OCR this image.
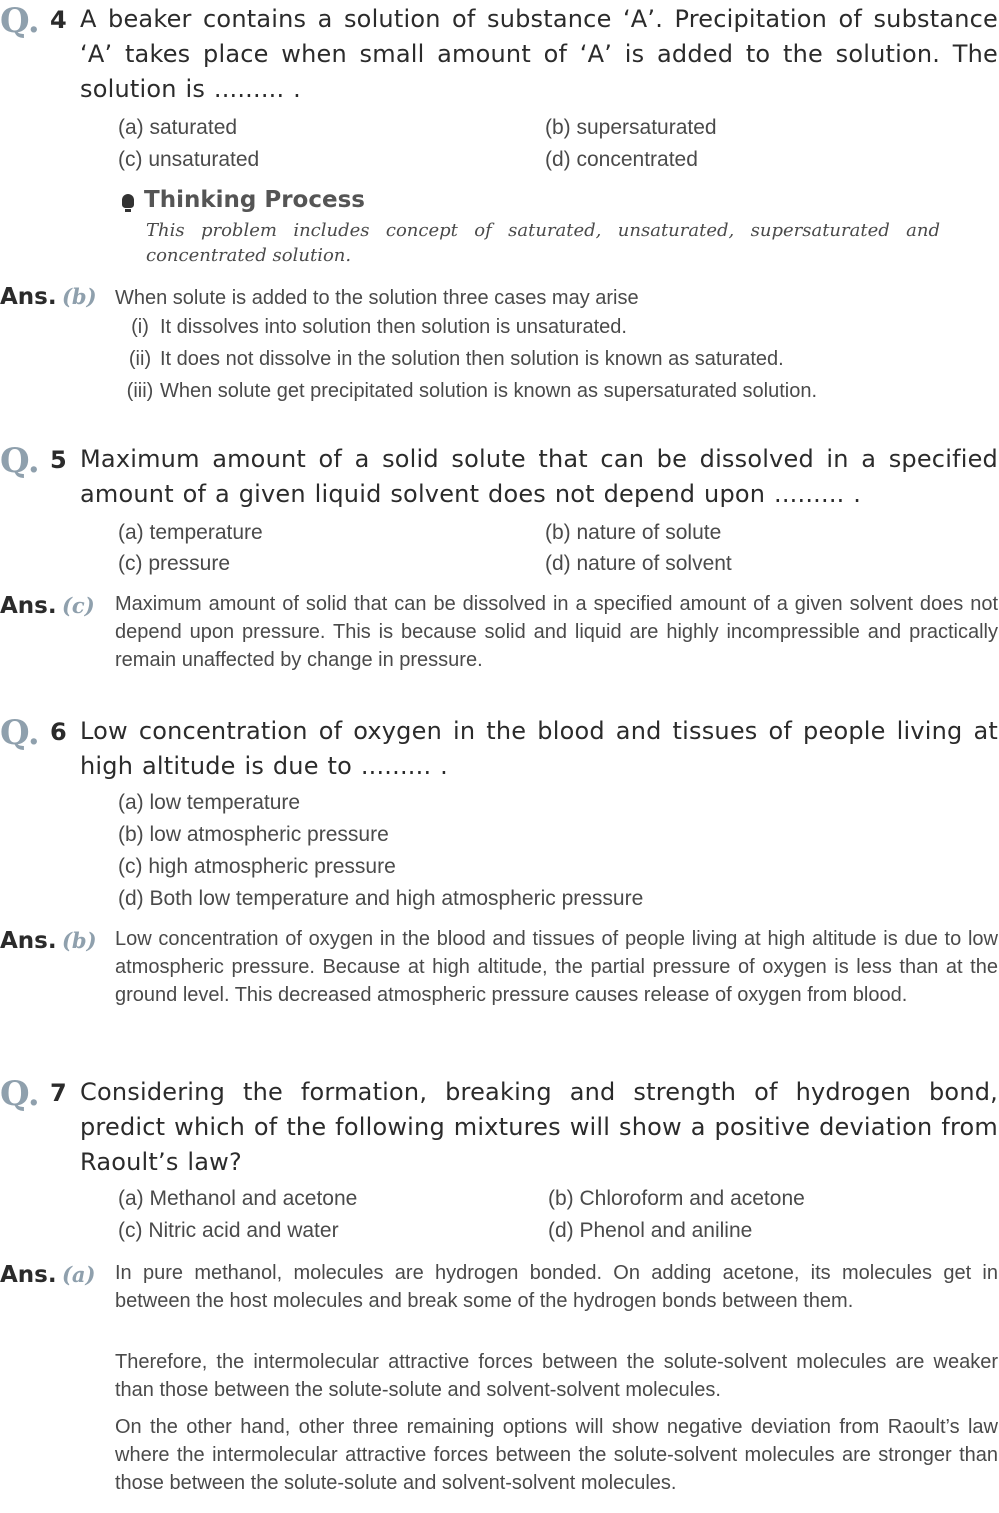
Q. 4 A beaker contains a solution of substance ‘A’. Precipitation of substance ‘A’ takes place when small amount of ‘A’ is added to the solution. The solution is ......... .
(a) saturated	(b) supersaturated
(c) unsaturated	(d) concentrated
Thinking Process
This problem includes concept of saturated, unsaturated, supersaturated and concentrated solution.
Ans. (b) When solute is added to the solution three cases may arise
(i) It dissolves into solution then solution is unsaturated.
(ii) It does not dissolve in the solution then solution is known as saturated.
(iii) When solute get precipitated solution is known as supersaturated solution.
Q. 5 Maximum amount of a solid solute that can be dissolved in a specified amount of a given liquid solvent does not depend upon ......... .
(a) temperature	(b) nature of solute
(c) pressure	(d) nature of solvent
Ans. (c) Maximum amount of solid that can be dissolved in a specified amount of a given solvent does not depend upon pressure. This is because solid and liquid are highly incompressible and practically remain unaffected by change in pressure.
Q. 6 Low concentration of oxygen in the blood and tissues of people living at high altitude is due to ......... .
(a) low temperature
(b) low atmospheric pressure
(c) high atmospheric pressure
(d) Both low temperature and high atmospheric pressure
Ans. (b) Low concentration of oxygen in the blood and tissues of people living at high altitude is due to low atmospheric pressure. Because at high altitude, the partial pressure of oxygen is less than at the ground level. This decreased atmospheric pressure causes release of oxygen from blood.
Q. 7 Considering the formation, breaking and strength of hydrogen bond, predict which of the following mixtures will show a positive deviation from Raoult’s law?
(a) Methanol and acetone	(b) Chloroform and acetone
(c) Nitric acid and water	(d) Phenol and aniline
Ans. (a) In pure methanol, molecules are hydrogen bonded. On adding acetone, its molecules get in between the host molecules and break some of the hydrogen bonds between them.
Therefore, the intermolecular attractive forces between the solute-solvent molecules are weaker than those between the solute-solute and solvent-solvent molecules.
On the other hand, other three remaining options will show negative deviation from Raoult’s law where the intermolecular attractive forces between the solute-solvent molecules are stronger than those between the solute-solute and solvent-solvent molecules.
